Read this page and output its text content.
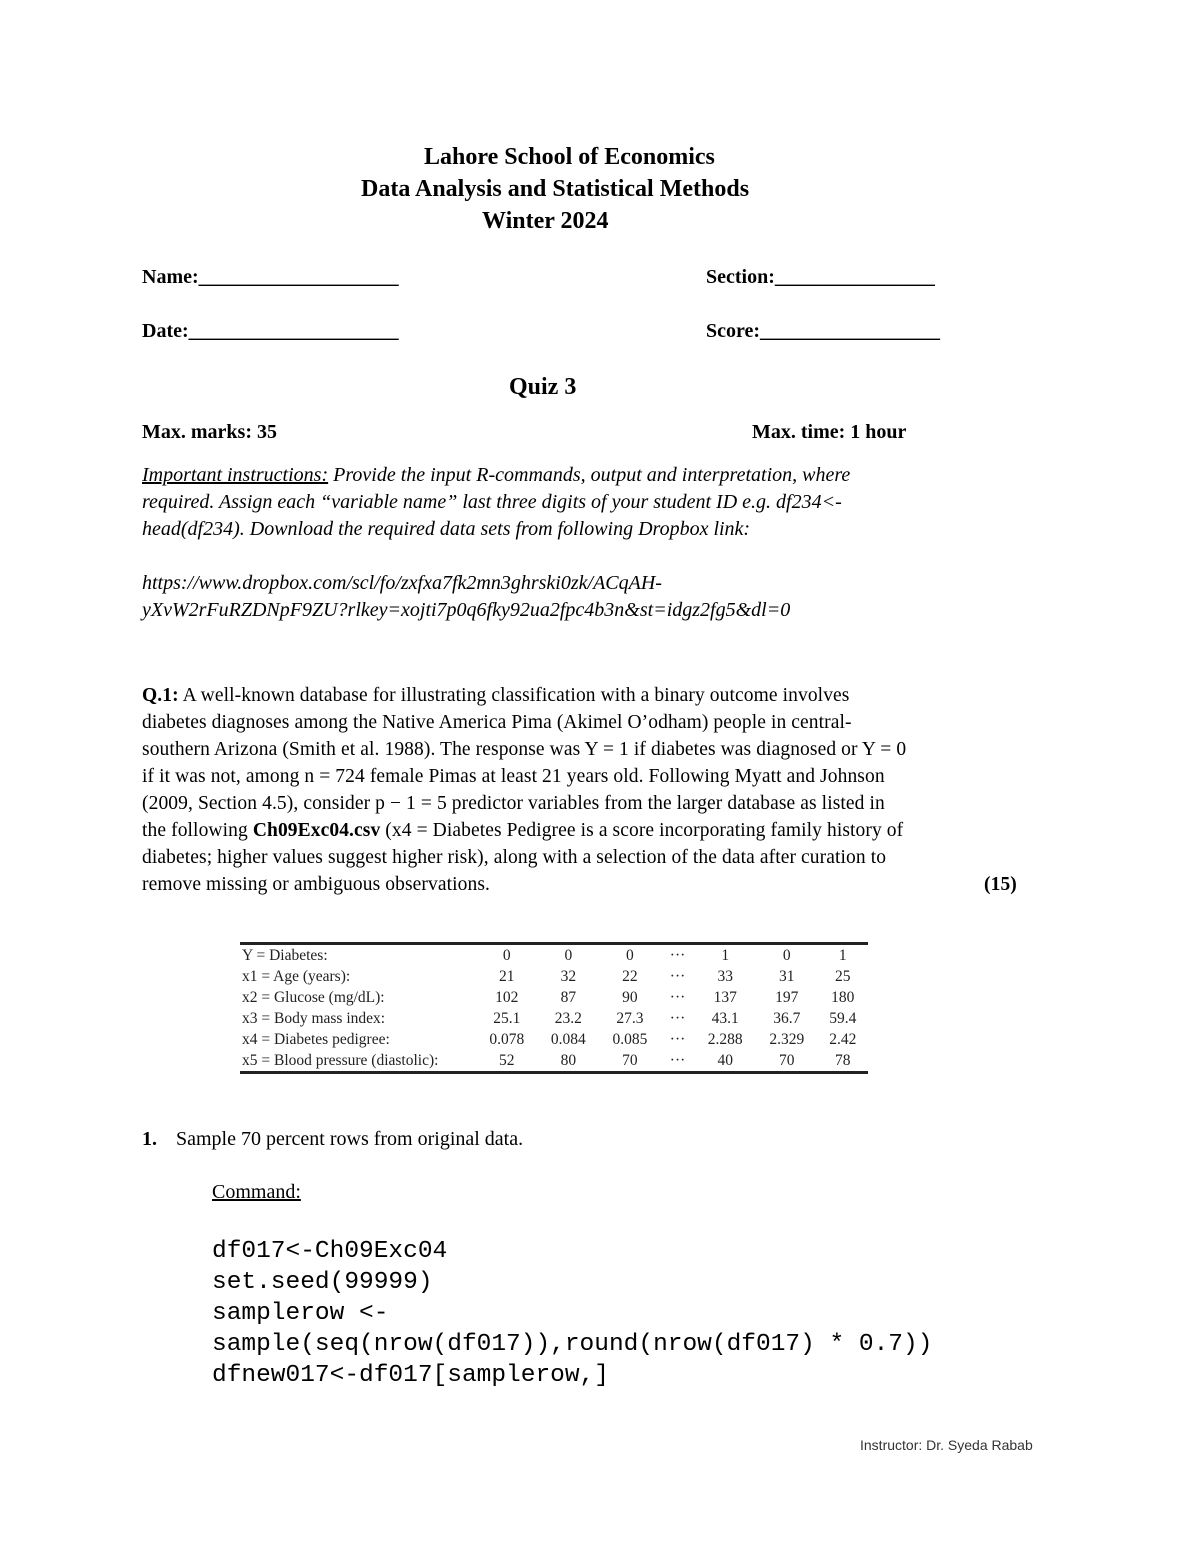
Lahore School of Economics
Data Analysis and Statistical Methods
Winter 2024
Name:____________________	Section:________________
Date:_____________________	Score:__________________
Quiz 3
Max. marks: 35	Max. time: 1 hour
Important instructions: Provide the input R-commands, output and interpretation, where
required. Assign each “variable name” last three digits of your student ID e.g. df234<-
head(df234). Download the required data sets from following Dropbox link:
https://www.dropbox.com/scl/fo/zxfxa7fk2mn3ghrski0zk/ACqAH-
yXvW2rFuRZDNpF9ZU?rlkey=xojti7p0q6fky92ua2fpc4b3n&st=idgz2fg5&dl=0
Q.1: A well-known database for illustrating classification with a binary outcome involves
diabetes diagnoses among the Native America Pima (Akimel O’odham) people in central-
southern Arizona (Smith et al. 1988). The response was Y = 1 if diabetes was diagnosed or Y = 0
if it was not, among n = 724 female Pimas at least 21 years old. Following Myatt and Johnson
(2009, Section 4.5), consider p − 1 = 5 predictor variables from the larger database as listed in
the following Ch09Exc04.csv (x4 = Diabetes Pedigree is a score incorporating family history of
diabetes; higher values suggest higher risk), along with a selection of the data after curation to
remove missing or ambiguous observations.	(15)
Y = Diabetes:	0	0	0	···	1	0	1
x1 = Age (years):	21	32	22	···	33	31	25
x2 = Glucose (mg/dL):	102	87	90	···	137	197	180
x3 = Body mass index:	25.1	23.2	27.3	···	43.1	36.7	59.4
x4 = Diabetes pedigree:	0.078	0.084	0.085	···	2.288	2.329	2.42
x5 = Blood pressure (diastolic):	52	80	70	···	40	70	78
1. Sample 70 percent rows from original data.
Command:
df017<-Ch09Exc04
set.seed(99999)
samplerow <-
sample(seq(nrow(df017)),round(nrow(df017) * 0.7))
dfnew017<-df017[samplerow,]
Instructor: Dr. Syeda Rabab
